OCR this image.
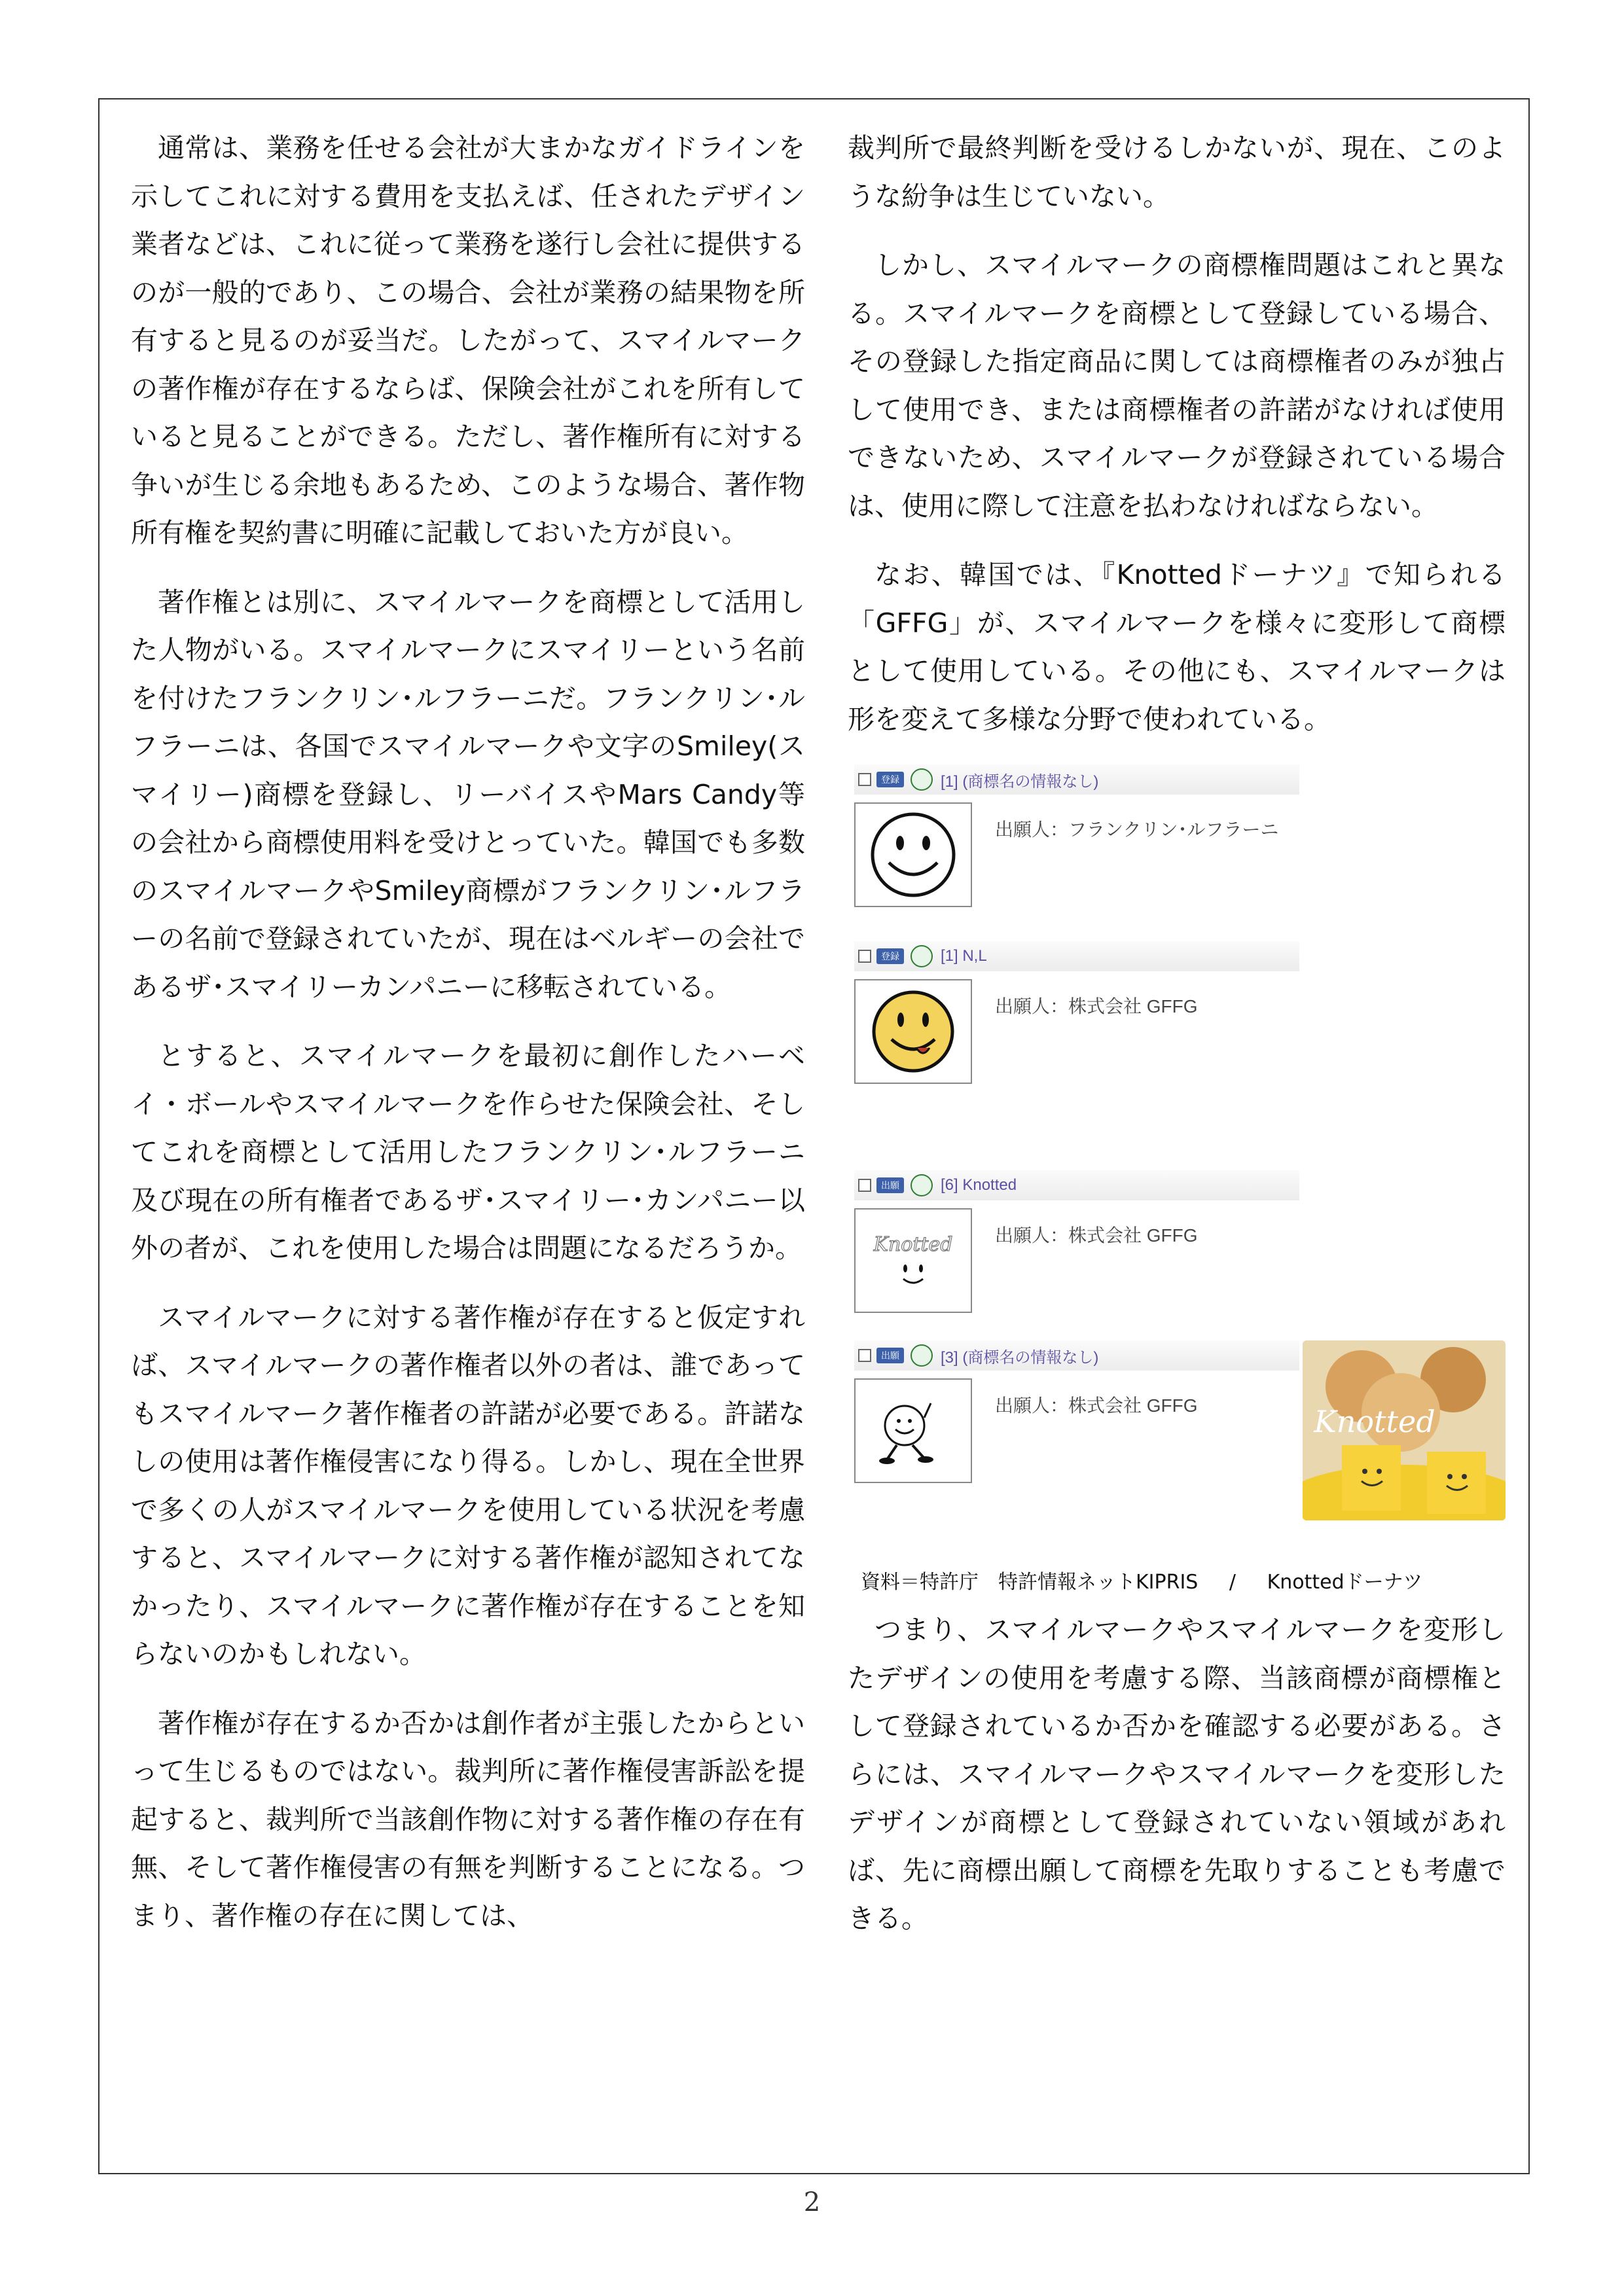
通常は、業務を任せる会社が大まかなガイドラインを示してこれに対する費用を支払えば、任されたデザイン業者などは、これに従って業務を遂行し会社に提供するのが一般的であり、この場合、会社が業務の結果物を所有すると見るのが妥当だ。したがって、スマイルマークの著作権が存在するならば、保険会社がこれを所有していると見ることができる。ただし、著作権所有に対する争いが生じる余地もあるため、このような場合、著作物所有権を契約書に明確に記載しておいた方が良い。

著作権とは別に、スマイルマークを商標として活用した人物がいる。スマイルマークにスマイリーという名前を付けたフランクリン･ルフラーニだ。フランクリン･ルフラーニは、各国でスマイルマークや文字のSmiley(スマイリー)商標を登録し、リーバイスやMars Candy等の会社から商標使用料を受けとっていた。韓国でも多数のスマイルマークやSmiley商標がフランクリン･ルフラーの名前で登録されていたが、現在はベルギーの会社であるザ･スマイリーカンパニーに移転されている。

とすると、スマイルマークを最初に創作したハーベイ・ボールやスマイルマークを作らせた保険会社、そしてこれを商標として活用したフランクリン･ルフラーニ及び現在の所有権者であるザ･スマイリー･カンパニー以外の者が、これを使用した場合は問題になるだろうか。

スマイルマークに対する著作権が存在すると仮定すれば、スマイルマークの著作権者以外の者は、誰であってもスマイルマーク著作権者の許諾が必要である。許諾なしの使用は著作権侵害になり得る。しかし、現在全世界で多くの人がスマイルマークを使用している状況を考慮すると、スマイルマークに対する著作権が認知されてなかったり、スマイルマークに著作権が存在することを知らないのかもしれない。

著作権が存在するか否かは創作者が主張したからといって生じるものではない。裁判所に著作権侵害訴訟を提起すると、裁判所で当該創作物に対する著作権の存在有無、そして著作権侵害の有無を判断することになる。つまり、著作権の存在に関しては、

裁判所で最終判断を受けるしかないが、現在、このような紛争は生じていない。

しかし、スマイルマークの商標権問題はこれと異なる。スマイルマークを商標として登録している場合、その登録した指定商品に関しては商標権者のみが独占して使用でき、または商標権者の許諾がなければ使用できないため、スマイルマークが登録されている場合は、使用に際して注意を払わなければならない。

なお、韓国では、『Knottedドーナツ』で知られる「GFFG」が、スマイルマークを様々に変形して商標として使用している。その他にも、スマイルマークは形を変えて多様な分野で使われている。

登録	[1] (商標名の情報なし)
出願人：フランクリン･ルフラーニ
登録	[1] N,L
出願人：株式会社 GFFG
出願	[6] Knotted
Knotted 出願人：株式会社 GFFG
出願	[3] (商標名の情報なし)
出願人：株式会社 GFFG	Knotted
資料＝特許庁　特許情報ネットKIPRIS / Knottedドーナツ

つまり、スマイルマークやスマイルマークを変形したデザインの使用を考慮する際、当該商標が商標権として登録されているか否かを確認する必要がある。さらには、スマイルマークやスマイルマークを変形したデザインが商標として登録されていない領域があれば、先に商標出願して商標を先取りすることも考慮できる。

2
